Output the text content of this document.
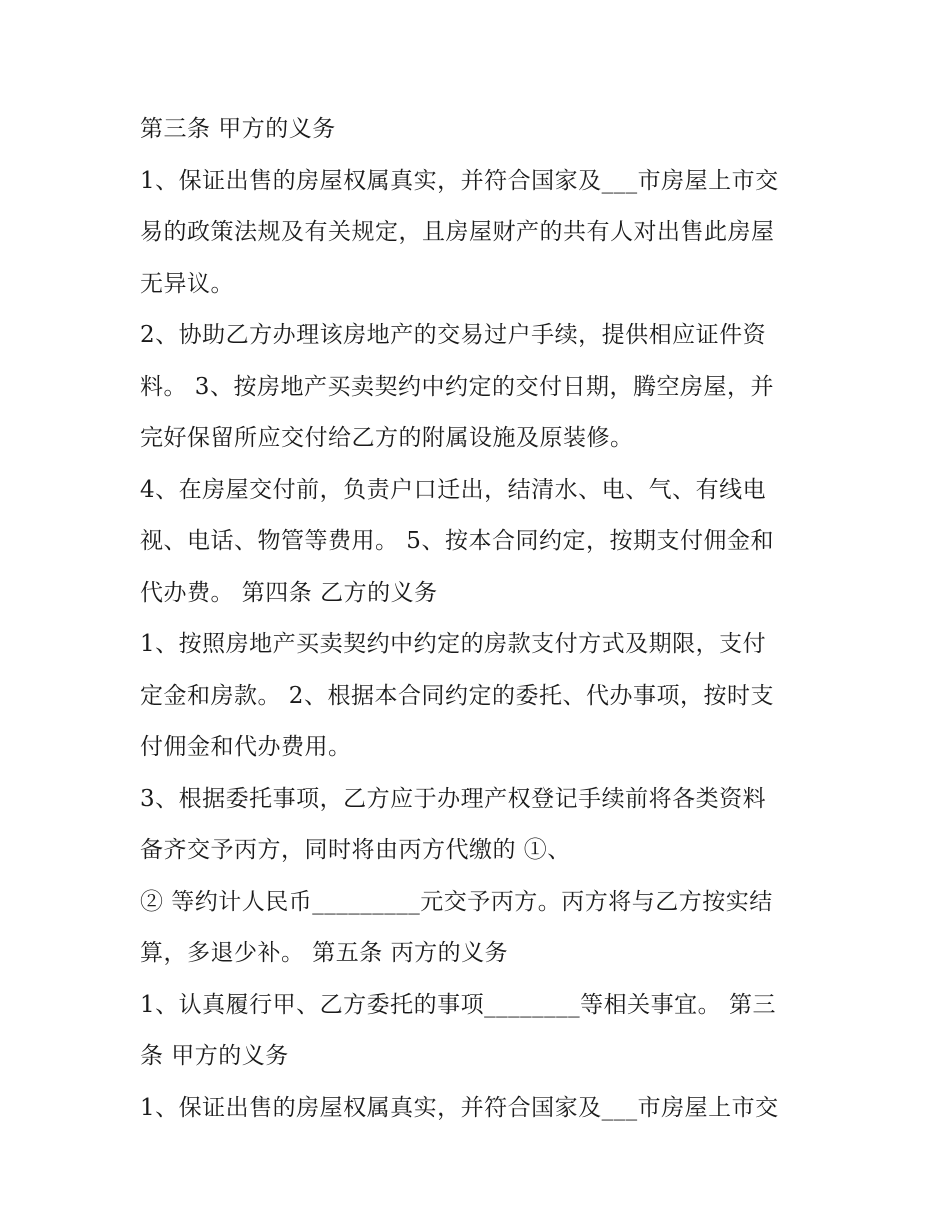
第三条 甲方的义务
1、保证出售的房屋权属真实，并符合国家及___市房屋上市交
易的政策法规及有关规定，且房屋财产的共有人对出售此房屋
无异议。
2、协助乙方办理该房地产的交易过户手续，提供相应证件资
料。 3、按房地产买卖契约中约定的交付日期，腾空房屋，并
完好保留所应交付给乙方的附属设施及原装修。
4、在房屋交付前，负责户口迁出，结清水、电、气、有线电
视、电话、物管等费用。 5、按本合同约定，按期支付佣金和
代办费。 第四条 乙方的义务
1、按照房地产买卖契约中约定的房款支付方式及期限，支付
定金和房款。 2、根据本合同约定的委托、代办事项，按时支
付佣金和代办费用。
3、根据委托事项，乙方应于办理产权登记手续前将各类资料
备齐交予丙方，同时将由丙方代缴的 ①、
② 等约计人民币_________元交予丙方。丙方将与乙方按实结
算，多退少补。 第五条 丙方的义务
1、认真履行甲、乙方委托的事项________等相关事宜。 第三
条 甲方的义务
1、保证出售的房屋权属真实，并符合国家及___市房屋上市交
